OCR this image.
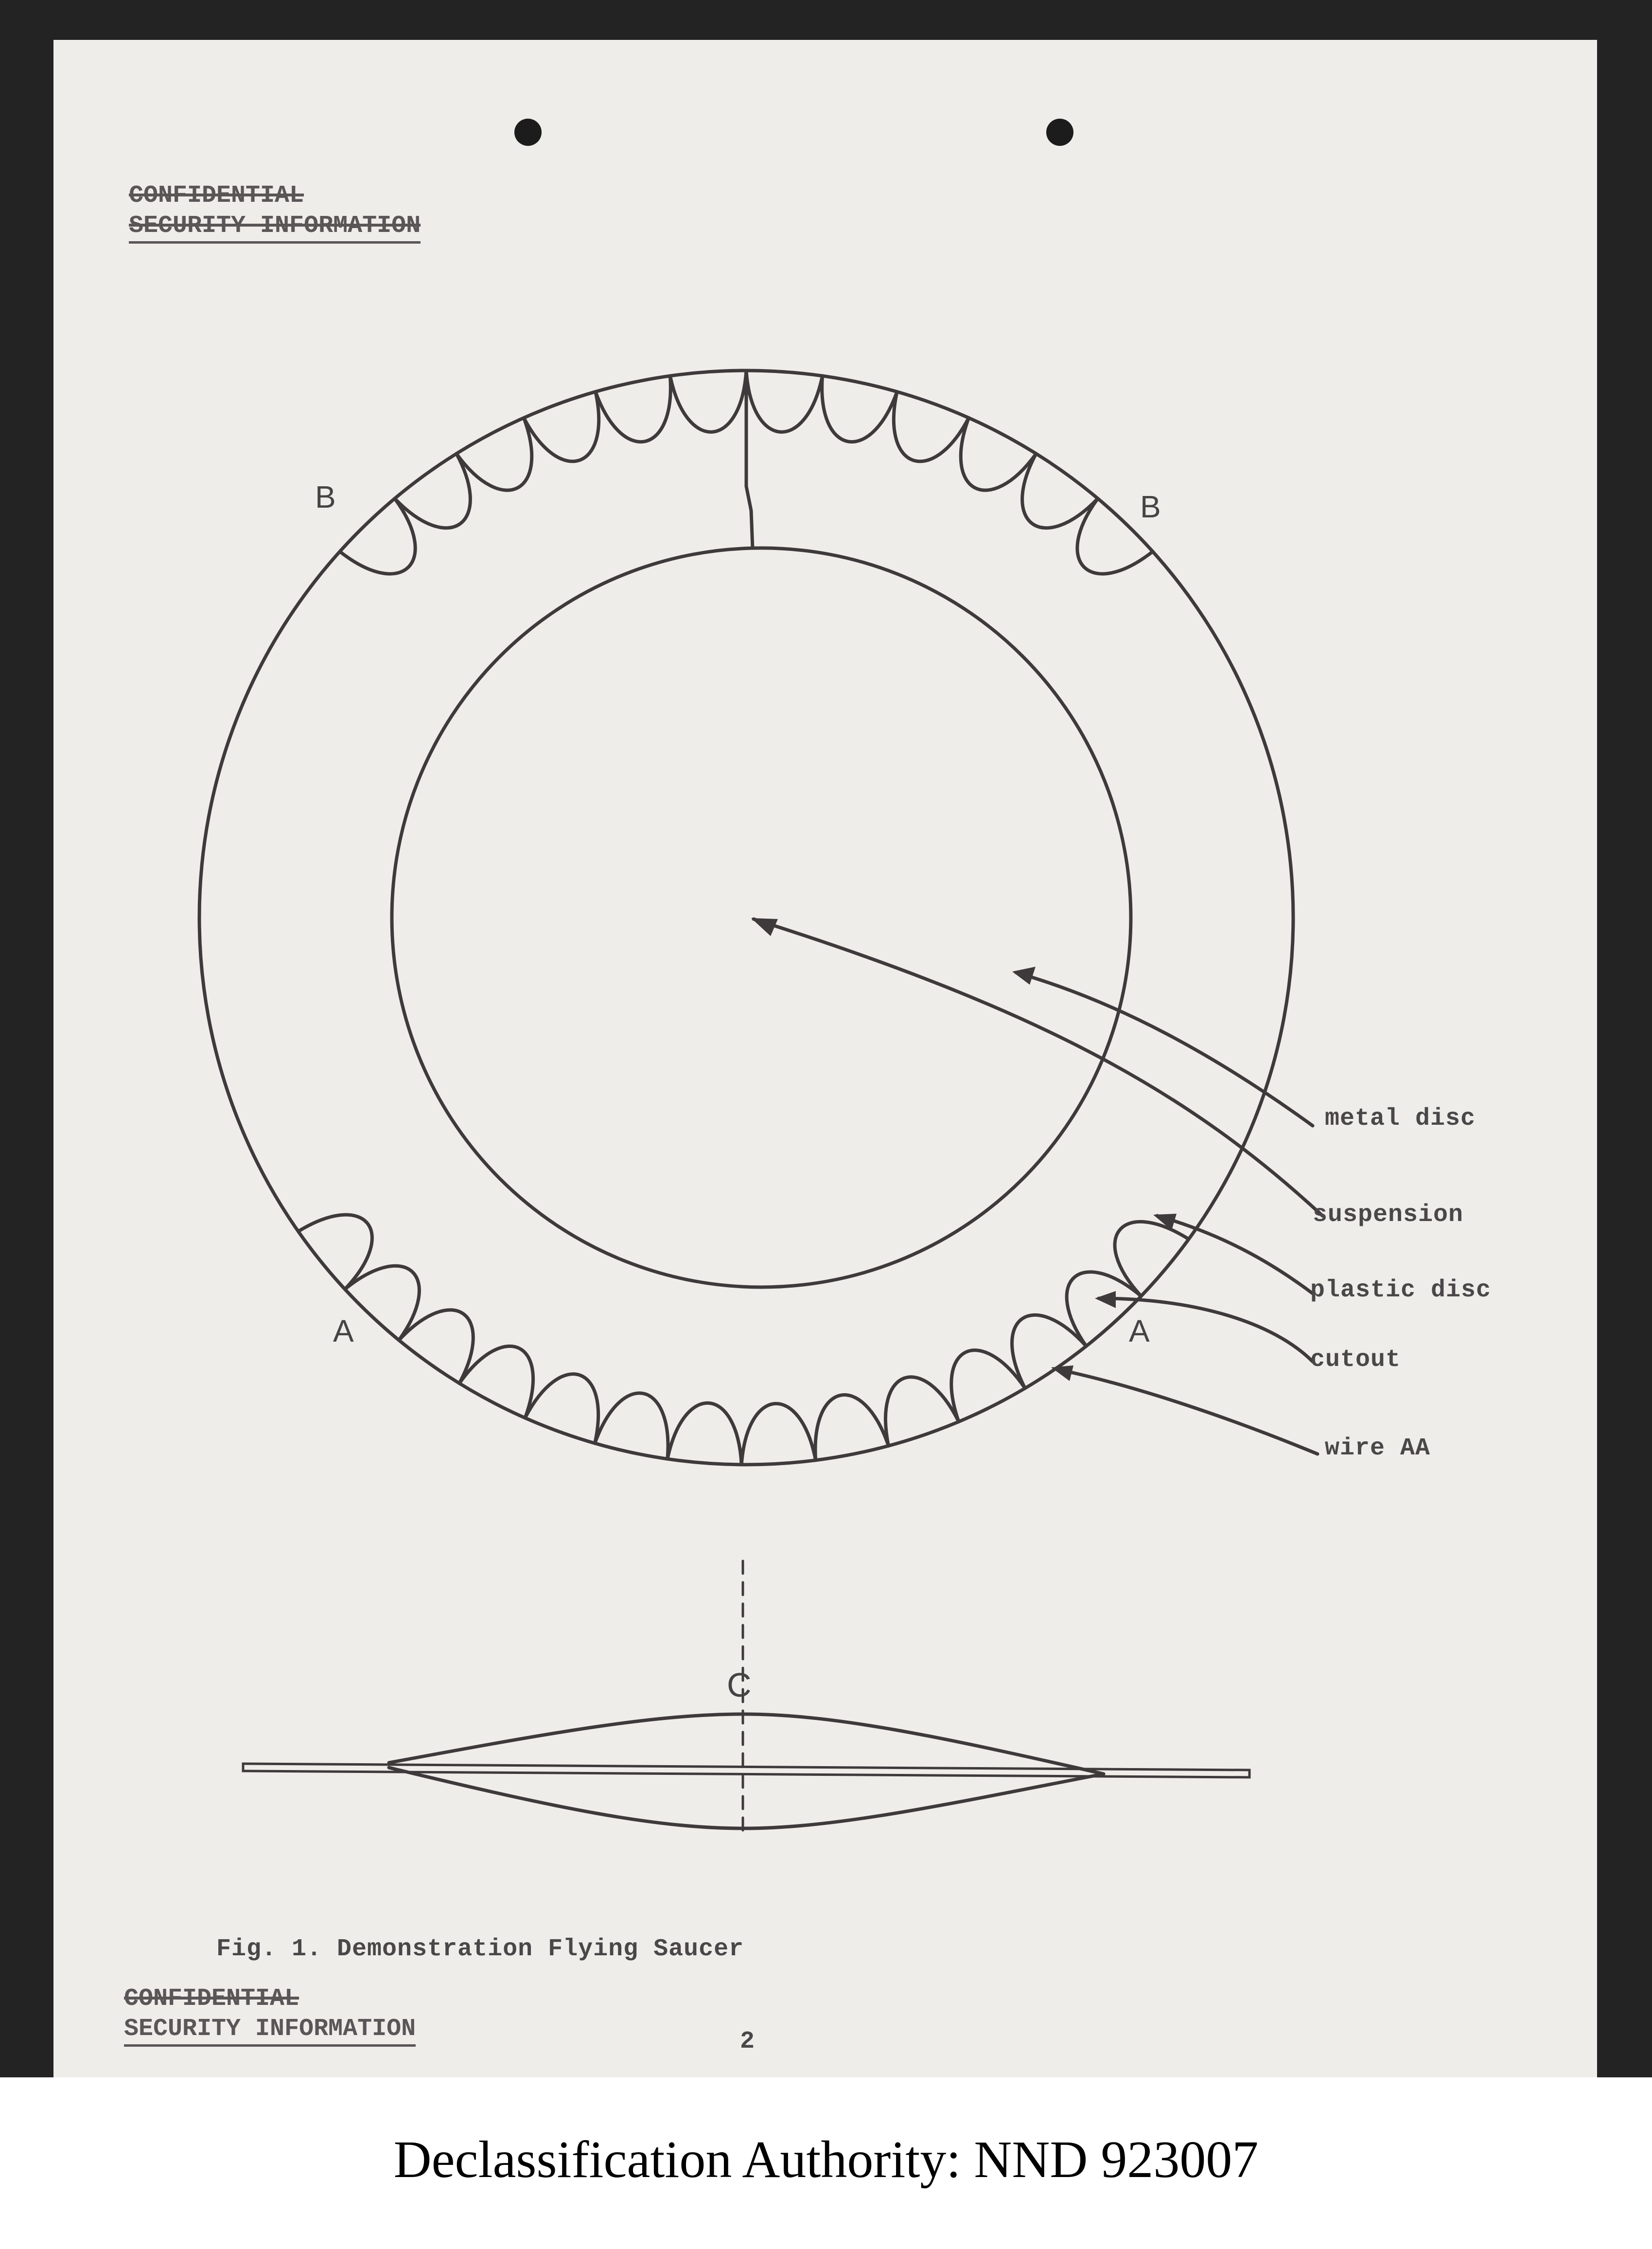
CONFIDENTIAL
SECURITY INFORMATION
B	B
A	A
C
metal disc
suspension
plastic disc
cutout
wire AA
Fig. 1. Demonstration Flying Saucer
CONFIDENTIAL
SECURITY INFORMATION	2
Declassification Authority: NND 923007
